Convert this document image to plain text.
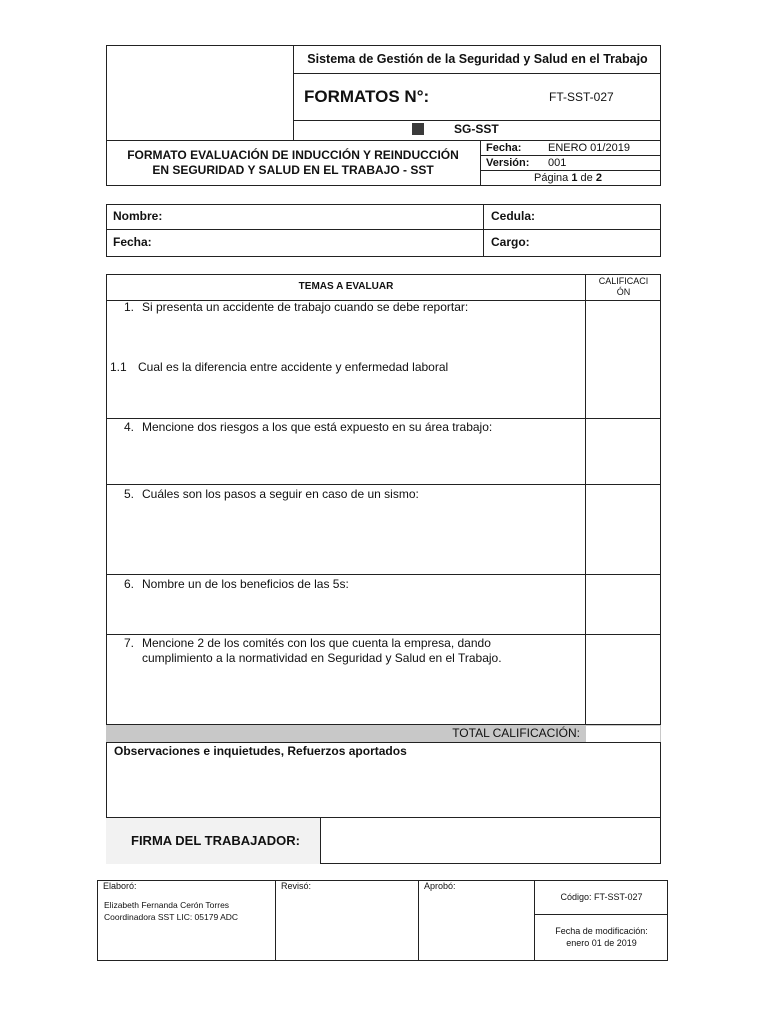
Sistema de Gestión de la Seguridad y Salud en el Trabajo
FORMATOS N°:	FT-SST-027
SG-SST
FORMATO EVALUACIÓN DE INDUCCIÓN Y REINDUCCIÓN
EN SEGURIDAD Y SALUD EN EL TRABAJO - SST
Fecha: ENERO 01/2019
Versión: 001
Página 1 de 2
Nombre:	Cedula:
Fecha:	Cargo:
TEMAS A EVALUAR	CALIFICACI
ÓN
1. Si presenta un accidente de trabajo cuando se debe reportar:
1.1 Cual es la diferencia entre accidente y enfermedad laboral
4. Mencione dos riesgos a los que está expuesto en su área trabajo:
5. Cuáles son los pasos a seguir en caso de un sismo:
6. Nombre un de los beneficios de las 5s:
7. Mencione 2 de los comités con los que cuenta la empresa, dando
cumplimiento a la normatividad en Seguridad y Salud en el Trabajo.
TOTAL CALIFICACIÓN:
Observaciones e inquietudes, Refuerzos aportados
FIRMA DEL TRABAJADOR:
Elaboró:
Elizabeth Fernanda Cerón Torres
Coordinadora SST LIC: 05179 ADC
Revisó:	Aprobó:
Código: FT-SST-027
Fecha de modificación:
enero 01 de 2019
